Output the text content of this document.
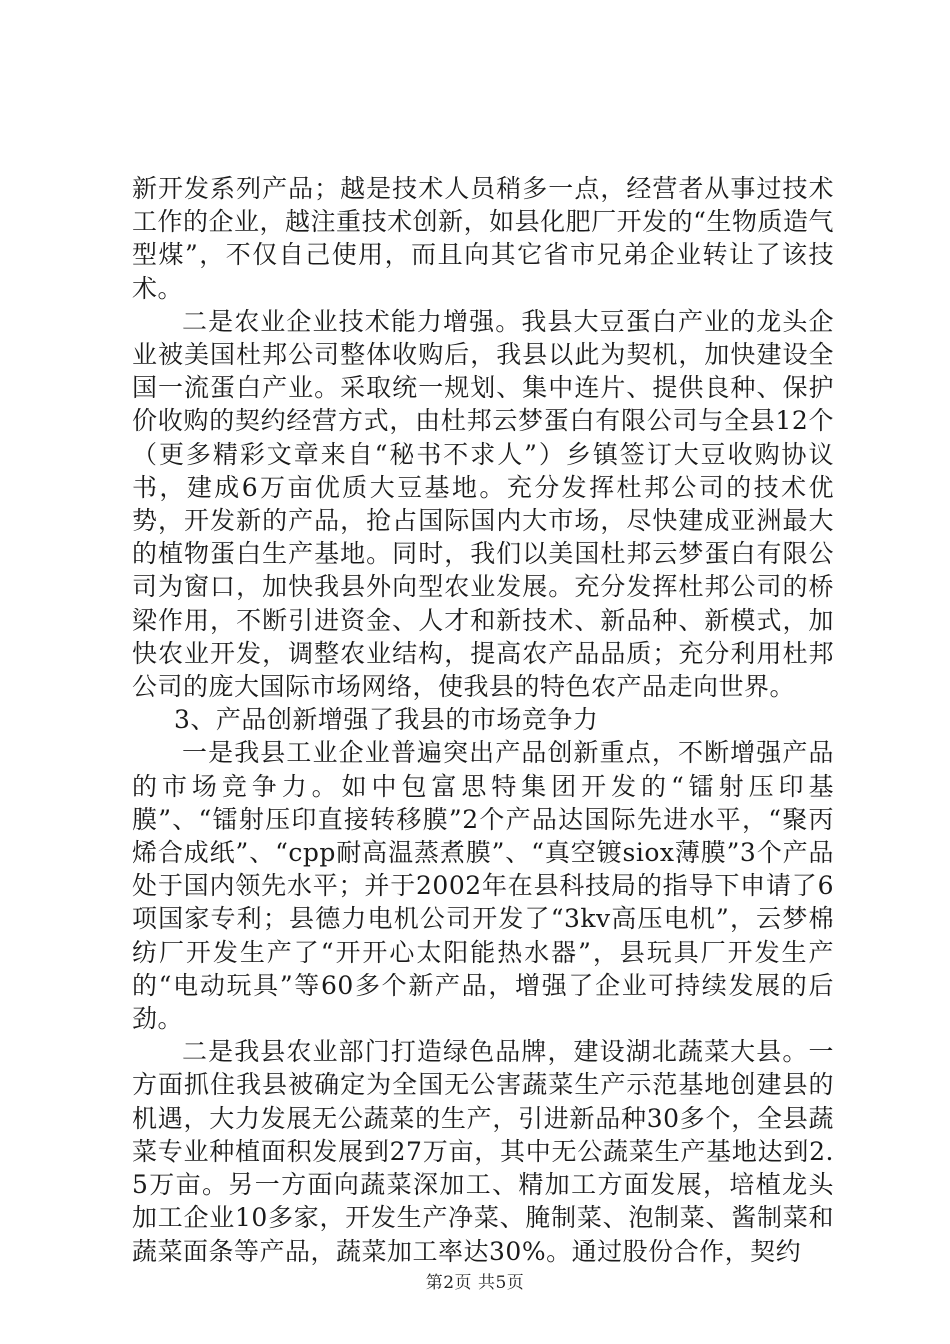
新开发系列产品；越是技术人员稍多一点，经营者从事过技术工作的企业，越注重技术创新，如县化肥厂开发的“生物质造气型煤”，不仅自己使用，而且向其它省市兄弟企业转让了该技术。

二是农业企业技术能力增强。我县大豆蛋白产业的龙头企业被美国杜邦公司整体收购后，我县以此为契机，加快建设全国一流蛋白产业。采取统一规划、集中连片、提供良种、保护价收购的契约经营方式，由杜邦云梦蛋白有限公司与全县12个（更多精彩文章来自“秘书不求人”）乡镇签订大豆收购协议书，建成6万亩优质大豆基地。充分发挥杜邦公司的技术优势，开发新的产品，抢占国际国内大市场，尽快建成亚洲最大的植物蛋白生产基地。同时，我们以美国杜邦云梦蛋白有限公司为窗口，加快我县外向型农业发展。充分发挥杜邦公司的桥梁作用，不断引进资金、人才和新技术、新品种、新模式，加快农业开发，调整农业结构，提高农产品品质；充分利用杜邦公司的庞大国际市场网络，使我县的特色农产品走向世界。

3、产品创新增强了我县的市场竞争力

一是我县工业企业普遍突出产品创新重点，不断增强产品的市场竞争力。如中包富思特集团开发的“镭射压印基膜”、“镭射压印直接转移膜”2个产品达国际先进水平，“聚丙烯合成纸”、“cpp耐高温蒸煮膜”、“真空镀siox薄膜”3个产品处于国内领先水平；并于2002年在县科技局的指导下申请了6项国家专利；县德力电机公司开发了“3kv高压电机”，云梦棉纺厂开发生产了“开开心太阳能热水器”，县玩具厂开发生产的“电动玩具”等60多个新产品，增强了企业可持续发展的后劲。

二是我县农业部门打造绿色品牌，建设湖北蔬菜大县。一方面抓住我县被确定为全国无公害蔬菜生产示范基地创建县的机遇，大力发展无公蔬菜的生产，引进新品种30多个，全县蔬菜专业种植面积发展到27万亩，其中无公蔬菜生产基地达到2.5万亩。另一方面向蔬菜深加工、精加工方面发展，培植龙头加工企业10多家，开发生产净菜、腌制菜、泡制菜、酱制菜和蔬菜面条等产品，蔬菜加工率达30%。通过股份合作，契约

第2页 共5页
